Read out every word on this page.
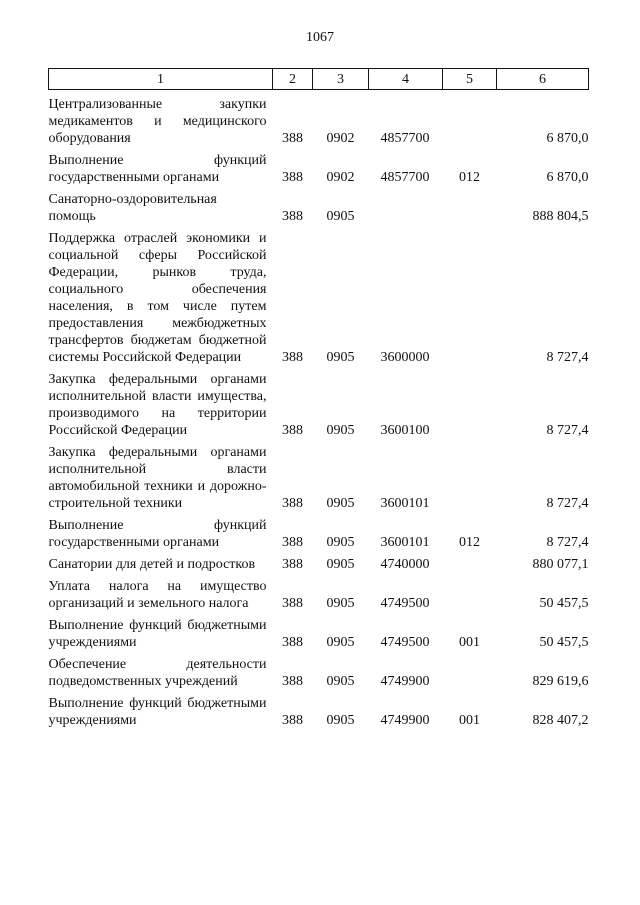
1067
1	2	3	4	5	6
Централизованные закупки медикаментов и медицинского оборудования	388	0902	4857700		6 870,0
Выполнение функций государственными органами	388	0902	4857700	012	6 870,0
Санаторно-оздоровительная помощь	388	0905			888 804,5
Поддержка отраслей экономики и социальной сферы Российской Федерации, рынков труда, социального обеспечения населения, в том числе путем предоставления межбюджетных трансфертов бюджетам бюджетной системы Российской Федерации	388	0905	3600000		8 727,4
Закупка федеральными органами исполнительной власти имущества, производимого на территории Российской Федерации	388	0905	3600100		8 727,4
Закупка федеральными органами исполнительной власти автомобильной техники и дорожно-строительной техники	388	0905	3600101		8 727,4
Выполнение функций государственными органами	388	0905	3600101	012	8 727,4
Санатории для детей и подростков	388	0905	4740000		880 077,1
Уплата налога на имущество организаций и земельного налога	388	0905	4749500		50 457,5
Выполнение функций бюджетными учреждениями	388	0905	4749500	001	50 457,5
Обеспечение деятельности подведомственных учреждений	388	0905	4749900		829 619,6
Выполнение функций бюджетными учреждениями	388	0905	4749900	001	828 407,2
